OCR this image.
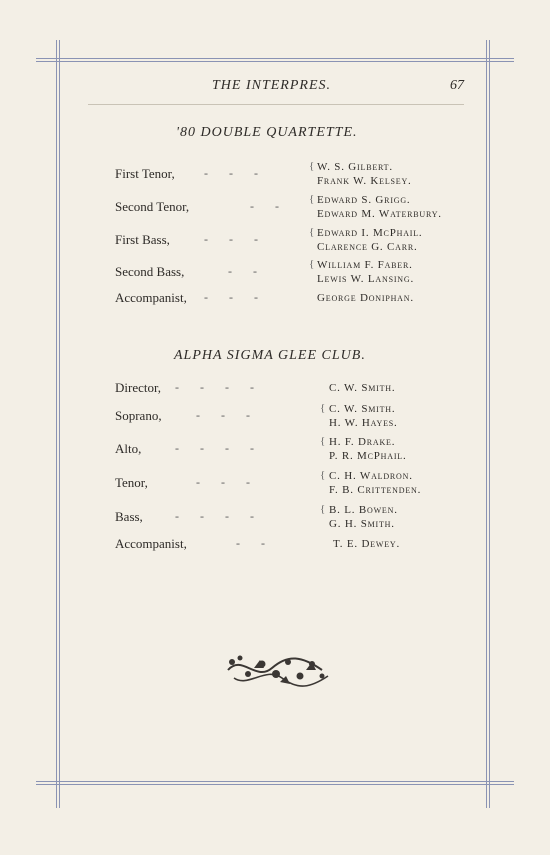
THE INTERPRES.	67
'80 DOUBLE QUARTETTE.
First Tenor, -       -       -	{ W. S. Gilbert.
Frank W. Kelsey.
Second Tenor,	-       -	{ Edward S. Grigg.
Edward M. Waterbury.
First Bass,	-       -       -	{ Edward I. McPhail.
Clarence G. Carr.
Second Bass,	-       -	{ William F. Faber.
Lewis W. Lansing.
Accompanist, -       -       -	George Doniphan.
ALPHA SIGMA GLEE CLUB.
Director, -       -       -       -	C. W. Smith.
Soprano,	-       -       -	{ C. W. Smith.
H. W. Hayes.
Alto,	-       -       -       -	{ H. F. Drake.
P. R. McPhail.
Tenor,	-       -       -	{ C. H. Waldron.
F. B. Crittenden.
Bass,	-       -       -       -	{ B. L. Bowen.
G. H. Smith.
Accompanist,	-       -	T. E. Dewey.
